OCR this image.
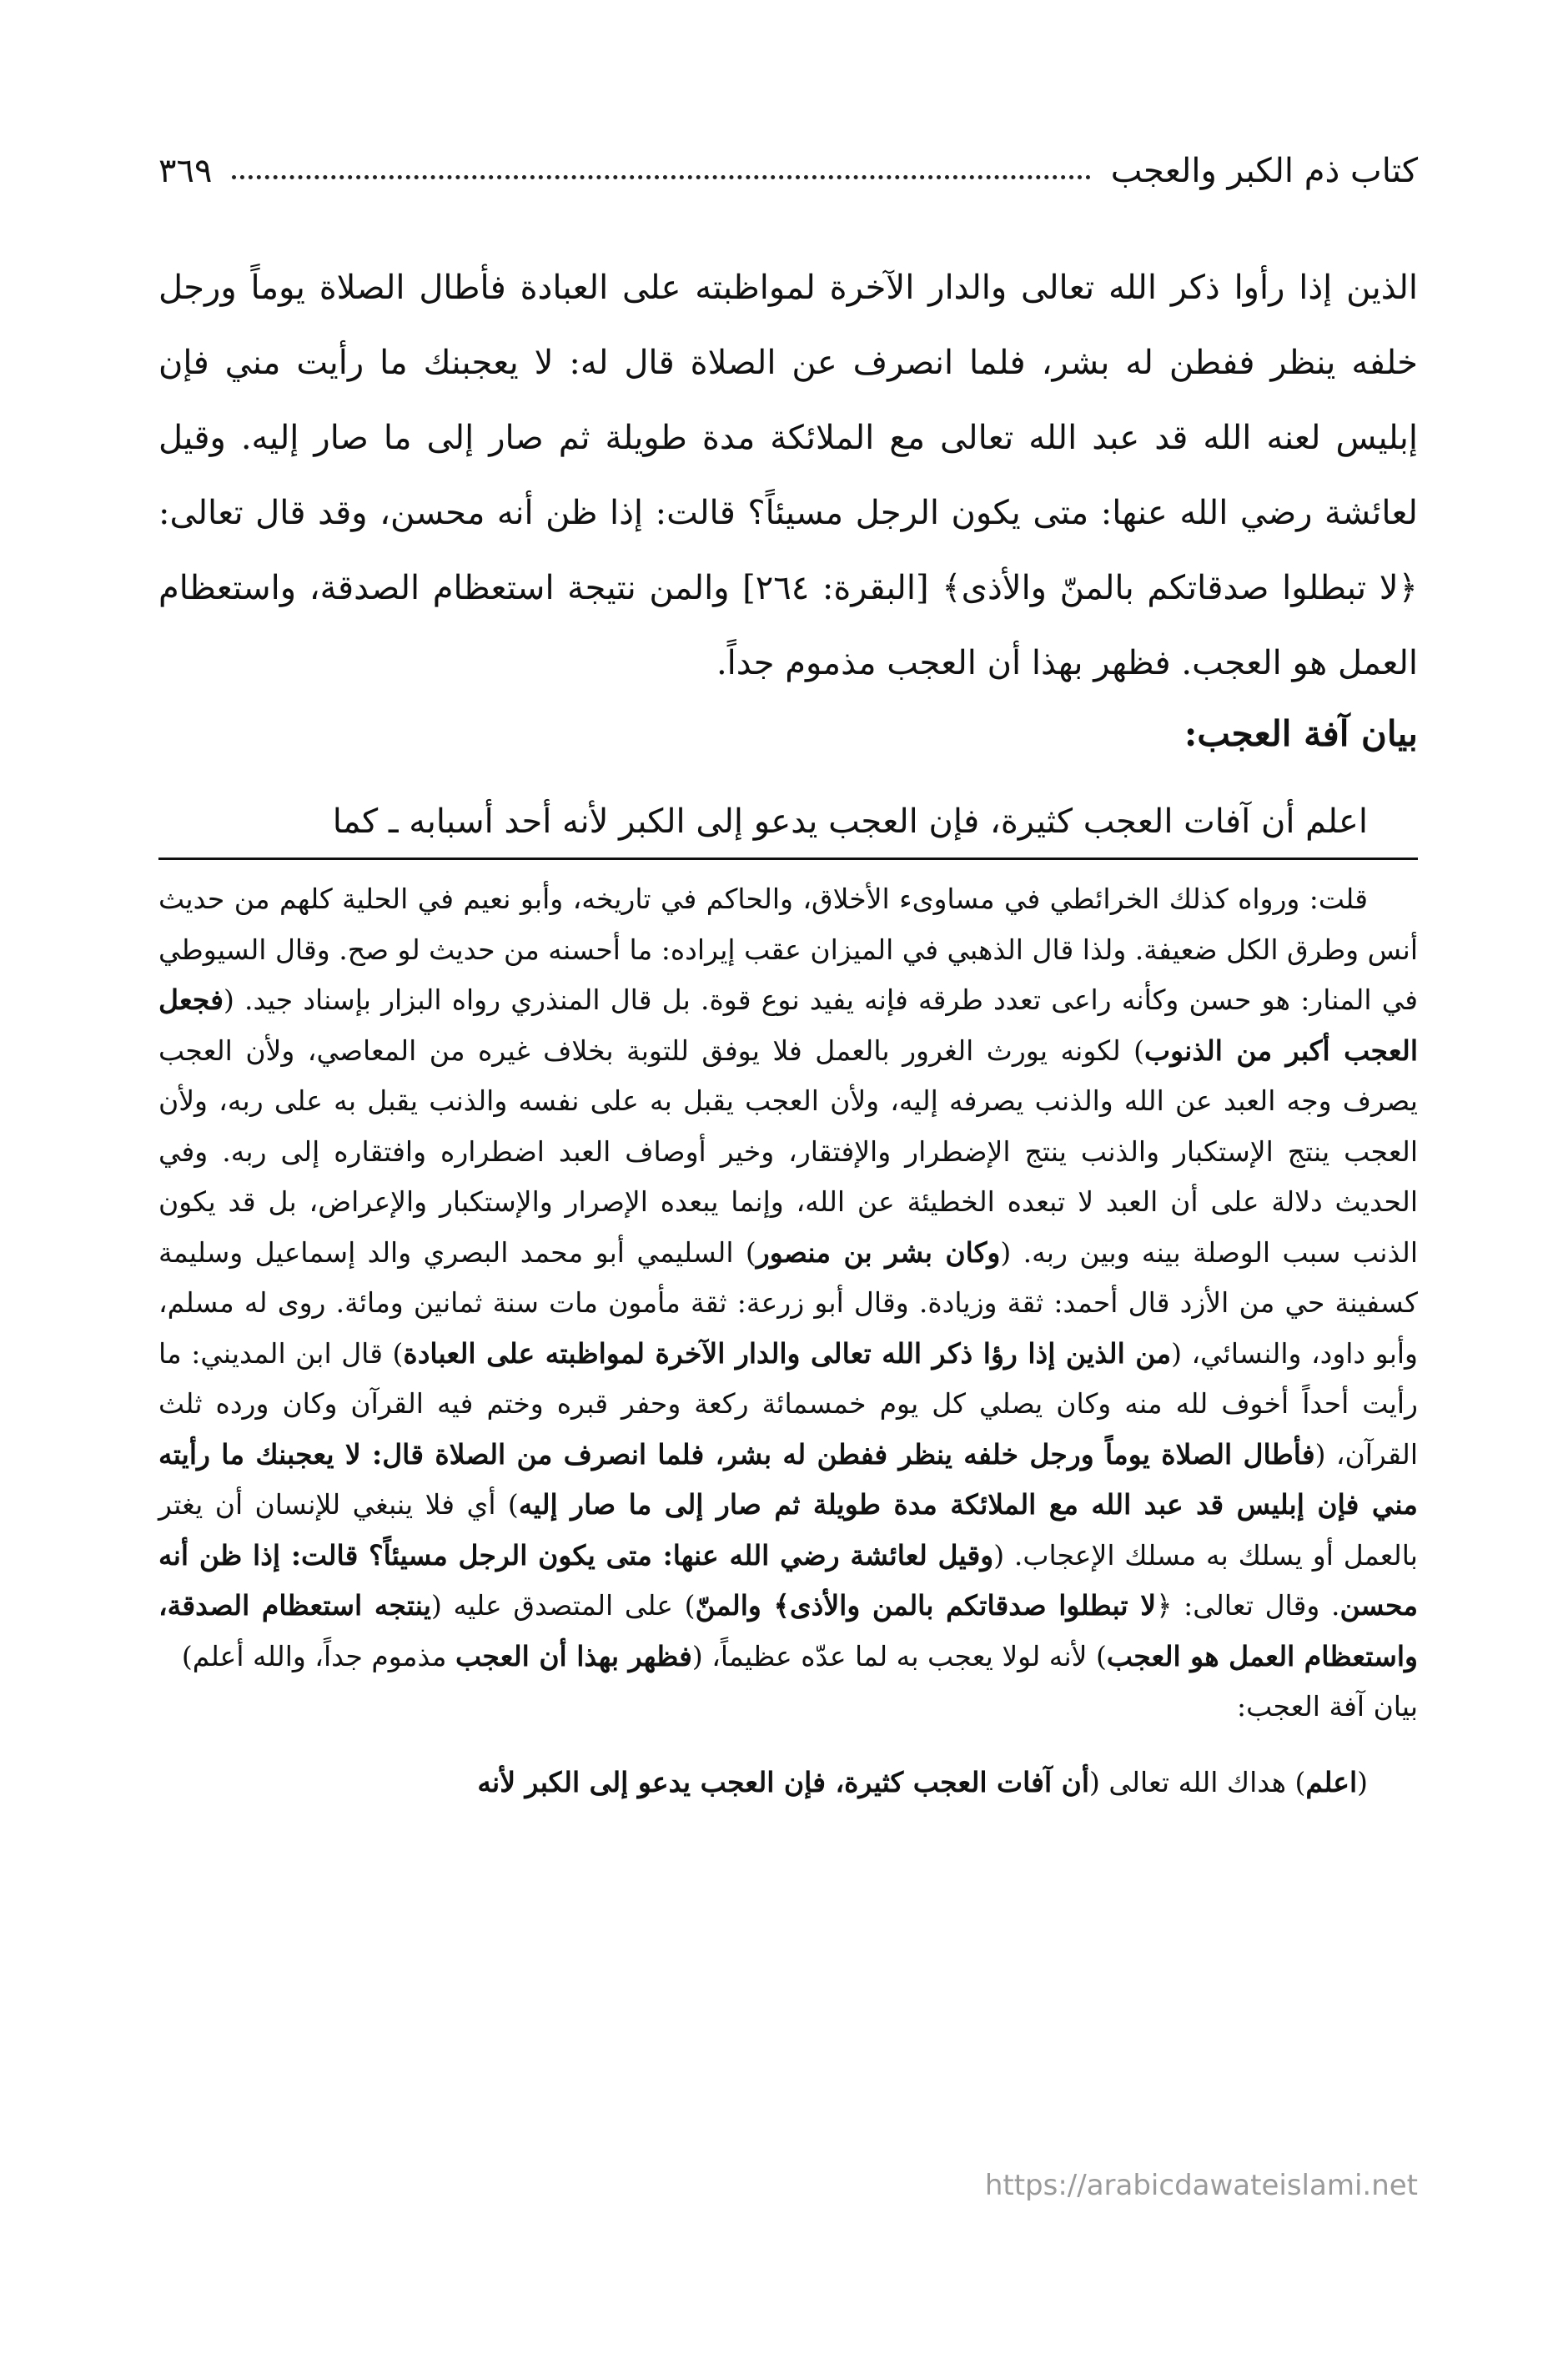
كتاب ذم الكبر والعجب
٣٦٩

الذين إذا رأوا ذكر الله تعالى والدار الآخرة لمواظبته على العبادة فأطال الصلاة يوماً ورجل خلفه ينظر ففطن له بشر، فلما انصرف عن الصلاة قال له: لا يعجبنك ما رأيت مني فإن إبليس لعنه الله قد عبد الله تعالى مع الملائكة مدة طويلة ثم صار إلى ما صار إليه. وقيل لعائشة رضي الله عنها: متى يكون الرجل مسيئاً؟ قالت: إذا ظن أنه محسن، وقد قال تعالى: ﴿لا تبطلوا صدقاتكم بالمنّ والأذى﴾ [البقرة: ٢٦٤] والمن نتيجة استعظام الصدقة، واستعظام العمل هو العجب. فظهر بهذا أن العجب مذموم جداً.

بيان آفة العجب:

اعلم أن آفات العجب كثيرة، فإن العجب يدعو إلى الكبر لأنه أحد أسبابه ـ كما

قلت: ورواه كذلك الخرائطي في مساوىء الأخلاق، والحاكم في تاريخه، وأبو نعيم في الحلية كلهم من حديث أنس وطرق الكل ضعيفة. ولذا قال الذهبي في الميزان عقب إيراده: ما أحسنه من حديث لو صح. وقال السيوطي في المنار: هو حسن وكأنه راعى تعدد طرقه فإنه يفيد نوع قوة. بل قال المنذري رواه البزار بإسناد جيد. (فجعل العجب أكبر من الذنوب) لكونه يورث الغرور بالعمل فلا يوفق للتوبة بخلاف غيره من المعاصي، ولأن العجب يصرف وجه العبد عن الله والذنب يصرفه إليه، ولأن العجب يقبل به على نفسه والذنب يقبل به على ربه، ولأن العجب ينتج الإستكبار والذنب ينتج الإضطرار والإفتقار، وخير أوصاف العبد اضطراره وافتقاره إلى ربه. وفي الحديث دلالة على أن العبد لا تبعده الخطيئة عن الله، وإنما يبعده الإصرار والإستكبار والإعراض، بل قد يكون الذنب سبب الوصلة بينه وبين ربه. (وكان بشر بن منصور) السليمي أبو محمد البصري والد إسماعيل وسليمة كسفينة حي من الأزد قال أحمد: ثقة وزيادة. وقال أبو زرعة: ثقة مأمون مات سنة ثمانين ومائة. روى له مسلم، وأبو داود، والنسائي، (من الذين إذا رؤا ذكر الله تعالى والدار الآخرة لمواظبته على العبادة) قال ابن المديني: ما رأيت أحداً أخوف لله منه وكان يصلي كل يوم خمسمائة ركعة وحفر قبره وختم فيه القرآن وكان ورده ثلث القرآن، (فأطال الصلاة يوماً ورجل خلفه ينظر ففطن له بشر، فلما انصرف من الصلاة قال: لا يعجبنك ما رأيته مني فإن إبليس قد عبد الله مع الملائكة مدة طويلة ثم صار إلى ما صار إليه) أي فلا ينبغي للإنسان أن يغتر بالعمل أو يسلك به مسلك الإعجاب. (وقيل لعائشة رضي الله عنها: متى يكون الرجل مسيئاً؟ قالت: إذا ظن أنه محسن. وقال تعالى: ﴿لا تبطلوا صدقاتكم بالمن والأذى﴾ والمنّ) على المتصدق عليه (ينتجه استعظام الصدقة، واستعظام العمل هو العجب) لأنه لولا يعجب به لما عدّه عظيماً، (فظهر بهذا أن العجب مذموم جداً، والله أعلم)

بيان آفة العجب:

(اعلم) هداك الله تعالى (أن آفات العجب كثيرة، فإن العجب يدعو إلى الكبر لأنه

https://arabicdawateislami.net
